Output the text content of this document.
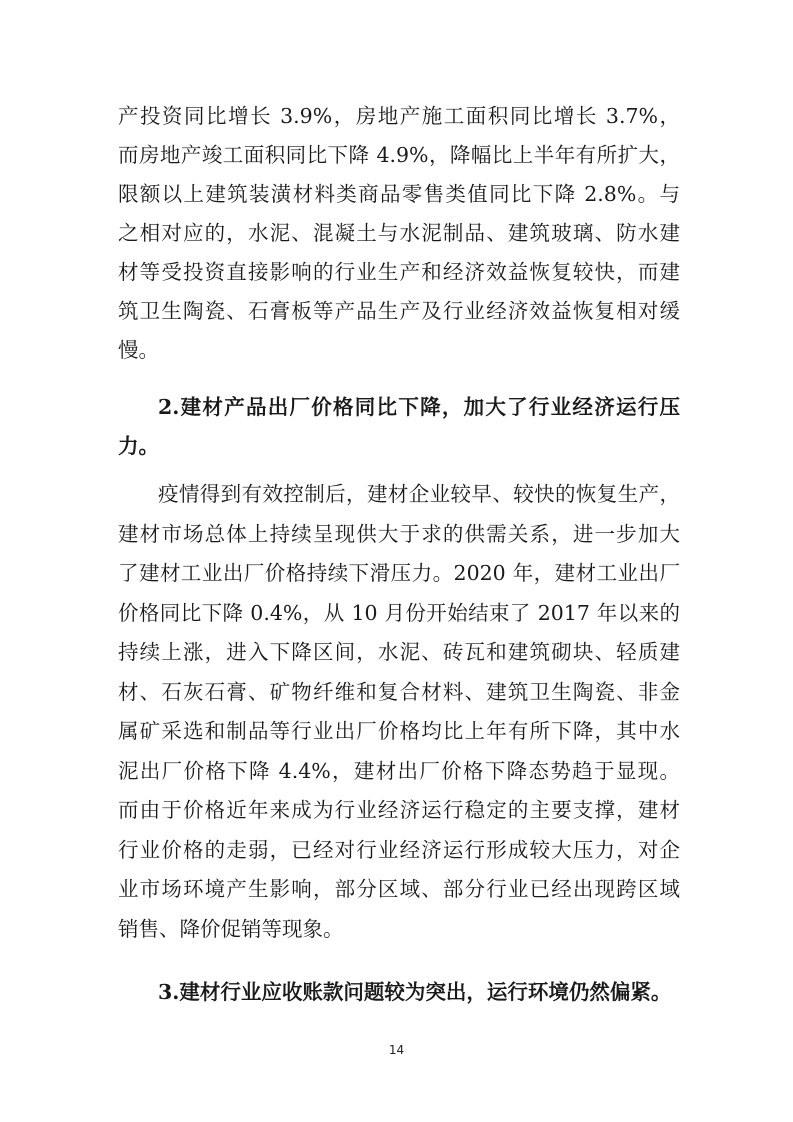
产投资同比增长 3.9%，房地产施工面积同比增长 3.7%，
而房地产竣工面积同比下降 4.9%，降幅比上半年有所扩大，
限额以上建筑装潢材料类商品零售类值同比下降 2.8%。与
之相对应的，水泥、混凝土与水泥制品、建筑玻璃、防水建
材等受投资直接影响的行业生产和经济效益恢复较快，而建
筑卫生陶瓷、石膏板等产品生产及行业经济效益恢复相对缓
慢。
2.建材产品出厂价格同比下降，加大了行业经济运行压
力。
疫情得到有效控制后，建材企业较早、较快的恢复生产，
建材市场总体上持续呈现供大于求的供需关系，进一步加大
了建材工业出厂价格持续下滑压力。2020 年，建材工业出厂
价格同比下降 0.4%，从 10 月份开始结束了 2017 年以来的
持续上涨，进入下降区间，水泥、砖瓦和建筑砌块、轻质建
材、石灰石膏、矿物纤维和复合材料、建筑卫生陶瓷、非金
属矿采选和制品等行业出厂价格均比上年有所下降，其中水
泥出厂价格下降 4.4%，建材出厂价格下降态势趋于显现。
而由于价格近年来成为行业经济运行稳定的主要支撑，建材
行业价格的走弱，已经对行业经济运行形成较大压力，对企
业市场环境产生影响，部分区域、部分行业已经出现跨区域
销售、降价促销等现象。
3.建材行业应收账款问题较为突出，运行环境仍然偏紧。
14
